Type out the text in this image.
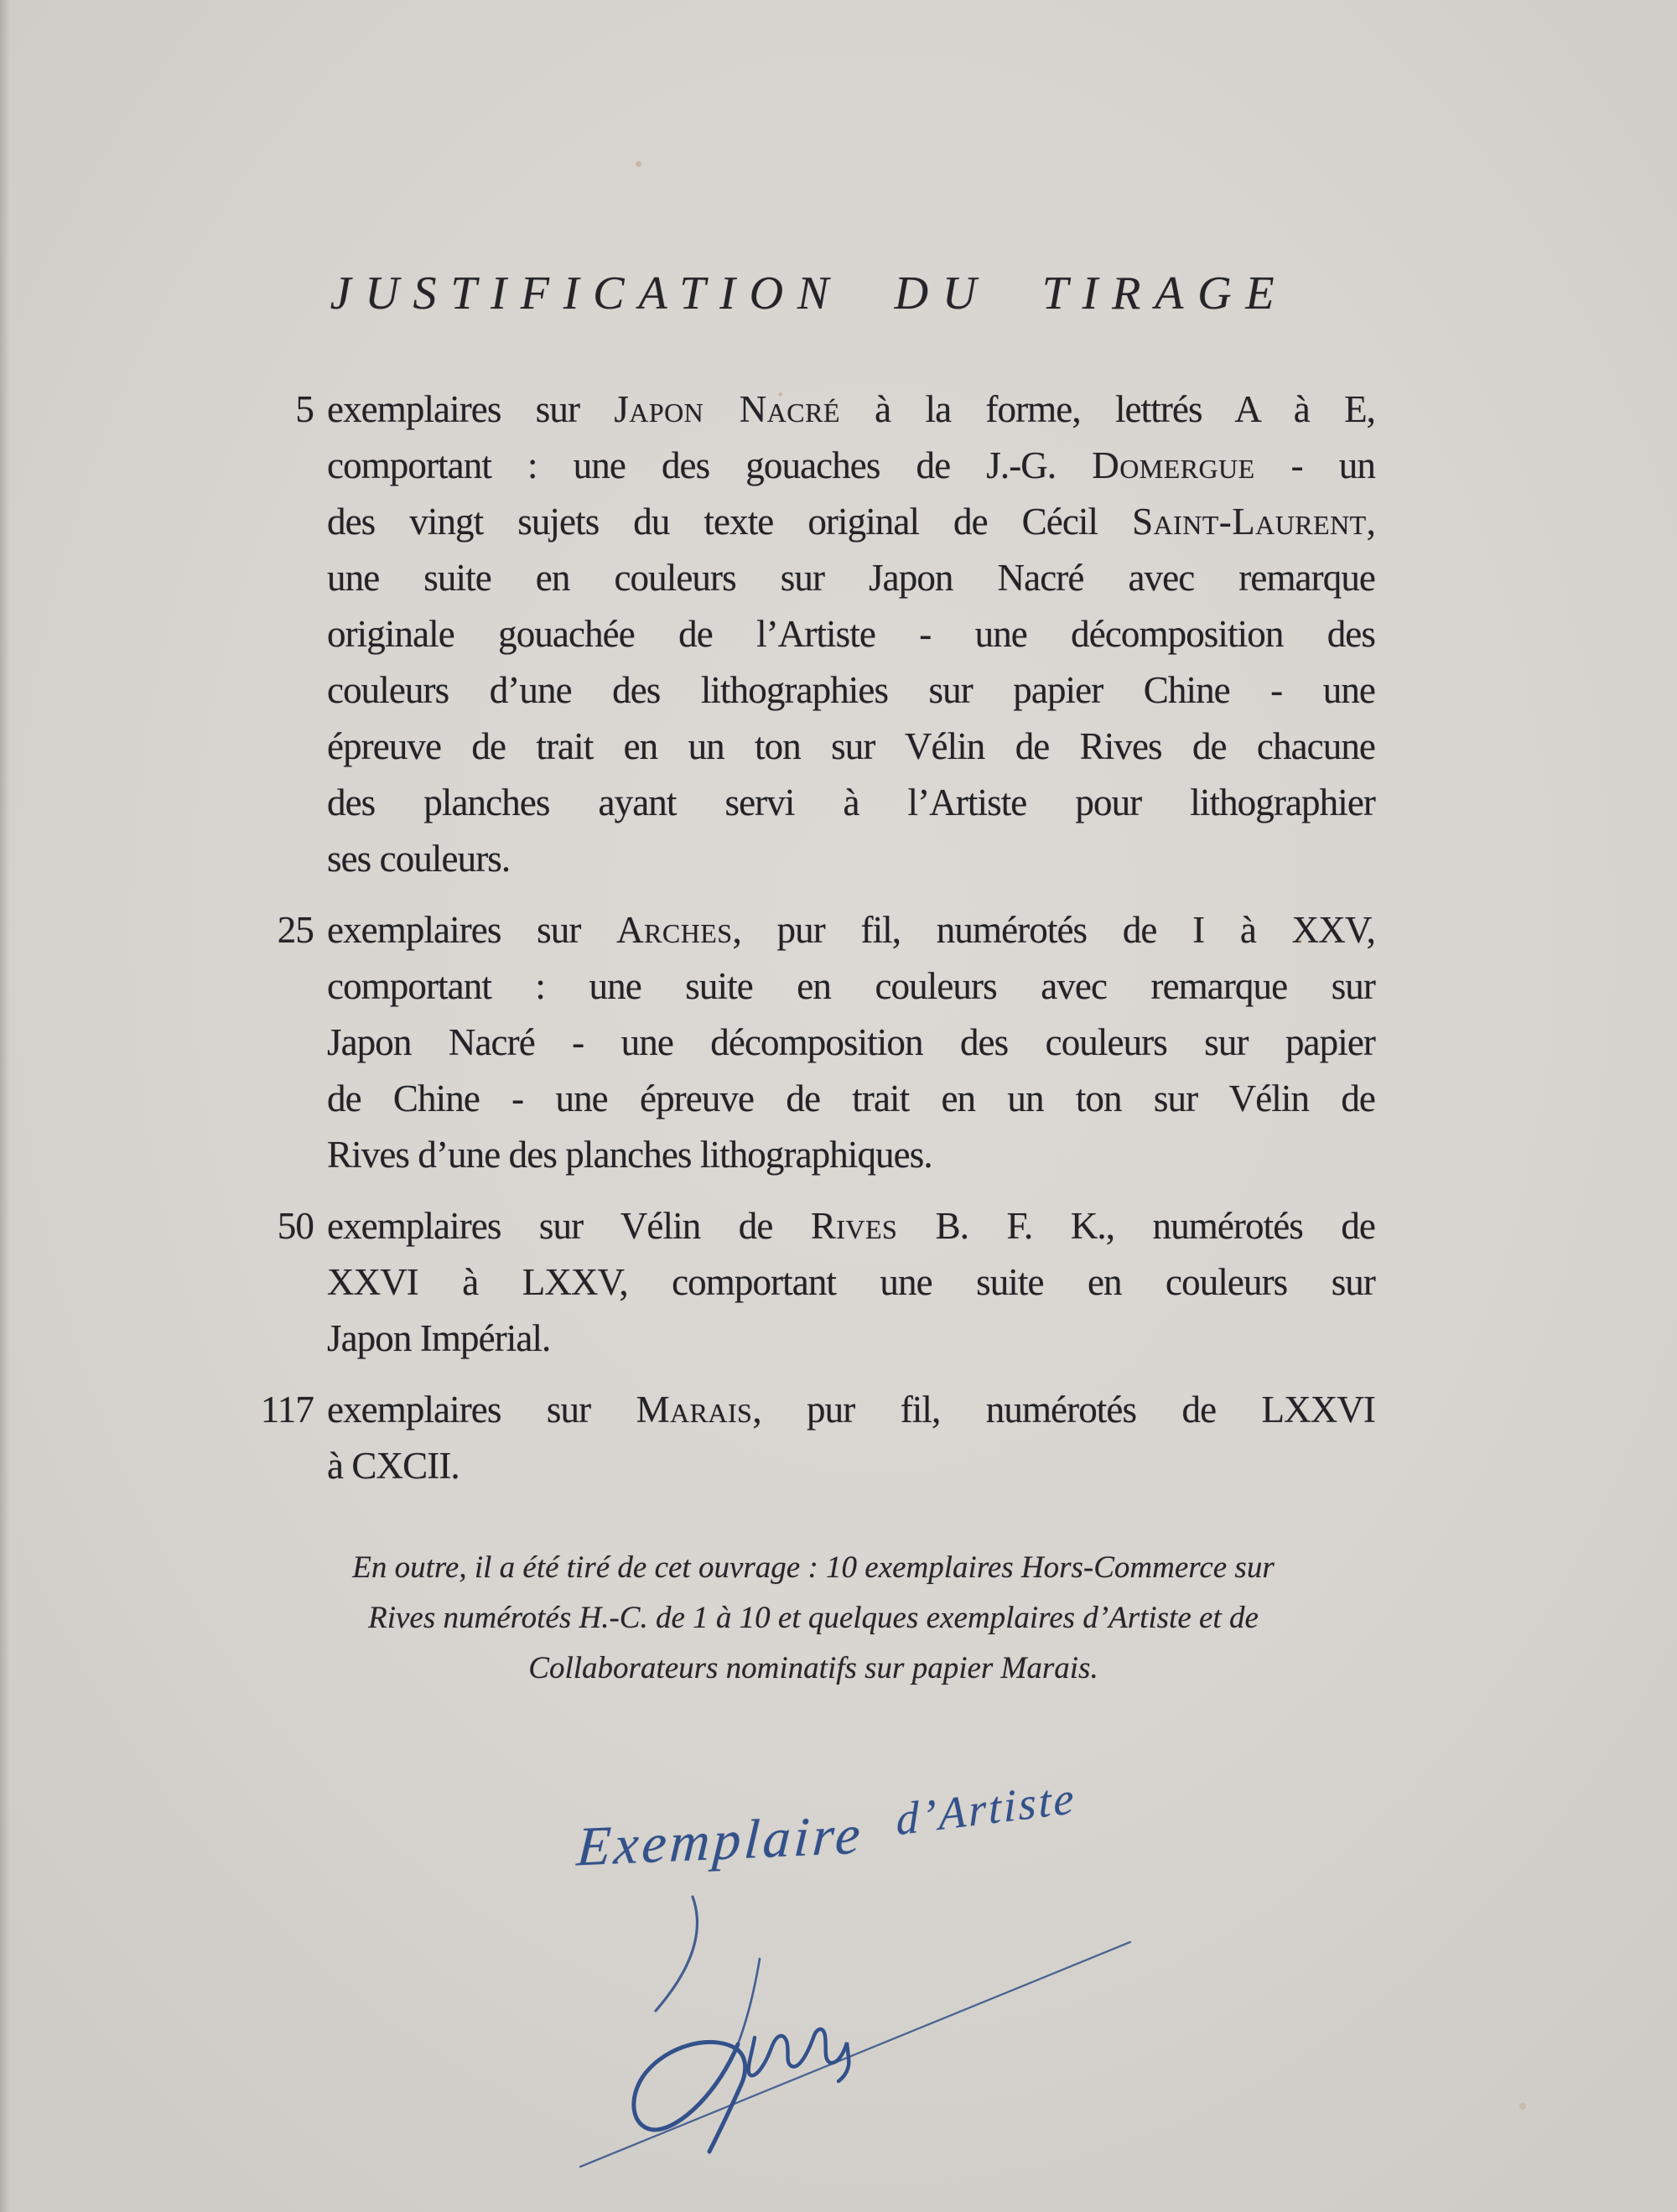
JUSTIFICATION DU TIRAGE
5 exemplaires sur Japon Nacré à la forme, lettrés A à E,
comportant : une des gouaches de J.-G. Domergue - un
des vingt sujets du texte original de Cécil Saint-Laurent,
une suite en couleurs sur Japon Nacré avec remarque
originale gouachée de l’Artiste - une décomposition des
couleurs d’une des lithographies sur papier Chine - une
épreuve de trait en un ton sur Vélin de Rives de chacune
des planches ayant servi à l’Artiste pour lithographier
ses couleurs.
25 exemplaires sur Arches, pur fil, numérotés de I à XXV,
comportant : une suite en couleurs avec remarque sur
Japon Nacré - une décomposition des couleurs sur papier
de Chine - une épreuve de trait en un ton sur Vélin de
Rives d’une des planches lithographiques.
50 exemplaires sur Vélin de Rives B. F. K., numérotés de
XXVI à LXXV, comportant une suite en couleurs sur
Japon Impérial.
117 exemplaires sur Marais, pur fil, numérotés de LXXVI
à CXCII.
En outre, il a été tiré de cet ouvrage : 10 exemplaires Hors-Commerce sur
Rives numérotés H.-C. de 1 à 10 et quelques exemplaires d’Artiste et de
Collaborateurs nominatifs sur papier Marais.
Exemplaire d’Artiste
